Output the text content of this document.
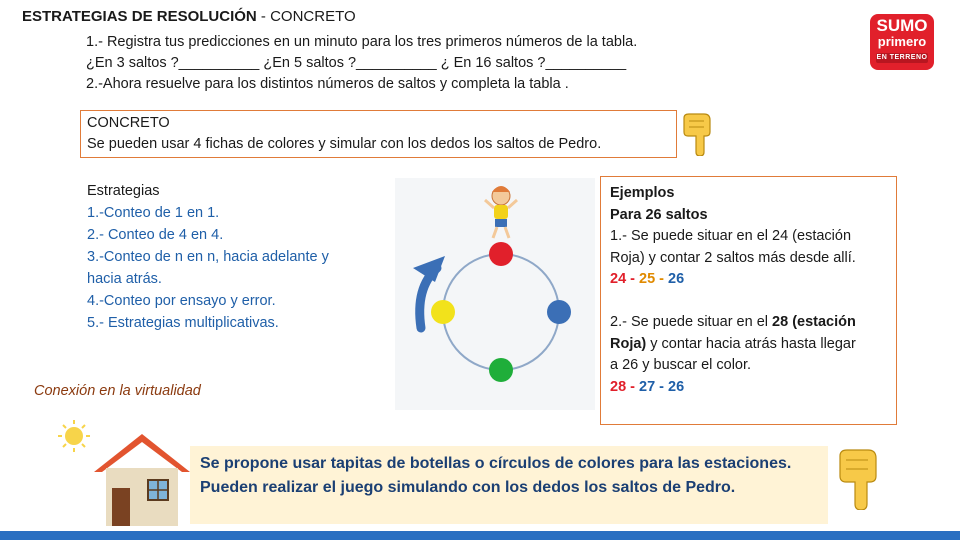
ESTRATEGIAS DE RESOLUCIÓN - CONCRETO
1.- Registra tus predicciones en un minuto para los tres primeros números de la tabla.
¿En 3 saltos ?__________ ¿En 5 saltos ?__________ ¿ En 16 saltos ?__________
2.-Ahora resuelve para los distintos números de saltos y completa la tabla .
SUMO
primero
EN TERRENO
CONCRETO
Se pueden usar 4 fichas de colores y simular con los dedos los saltos de Pedro.
Estrategias
1.-Conteo de 1 en 1.
2.- Conteo de 4 en 4.
3.-Conteo de n en n, hacia adelante y
hacia atrás.
4.-Conteo por ensayo y error.
5.- Estrategias multiplicativas.
Conexión en la virtualidad
Ejemplos
Para 26 saltos
1.- Se puede situar en el 24 (estación
Roja) y contar 2 saltos más desde allí.
24 - 25 - 26
2.- Se puede situar en el 28 (estación
Roja) y contar hacia atrás hasta llegar
a 26 y buscar el color.
28 - 27 - 26
Se propone usar tapitas de botellas o círculos de colores para las estaciones.
Pueden realizar el juego simulando con los dedos los saltos de Pedro.
